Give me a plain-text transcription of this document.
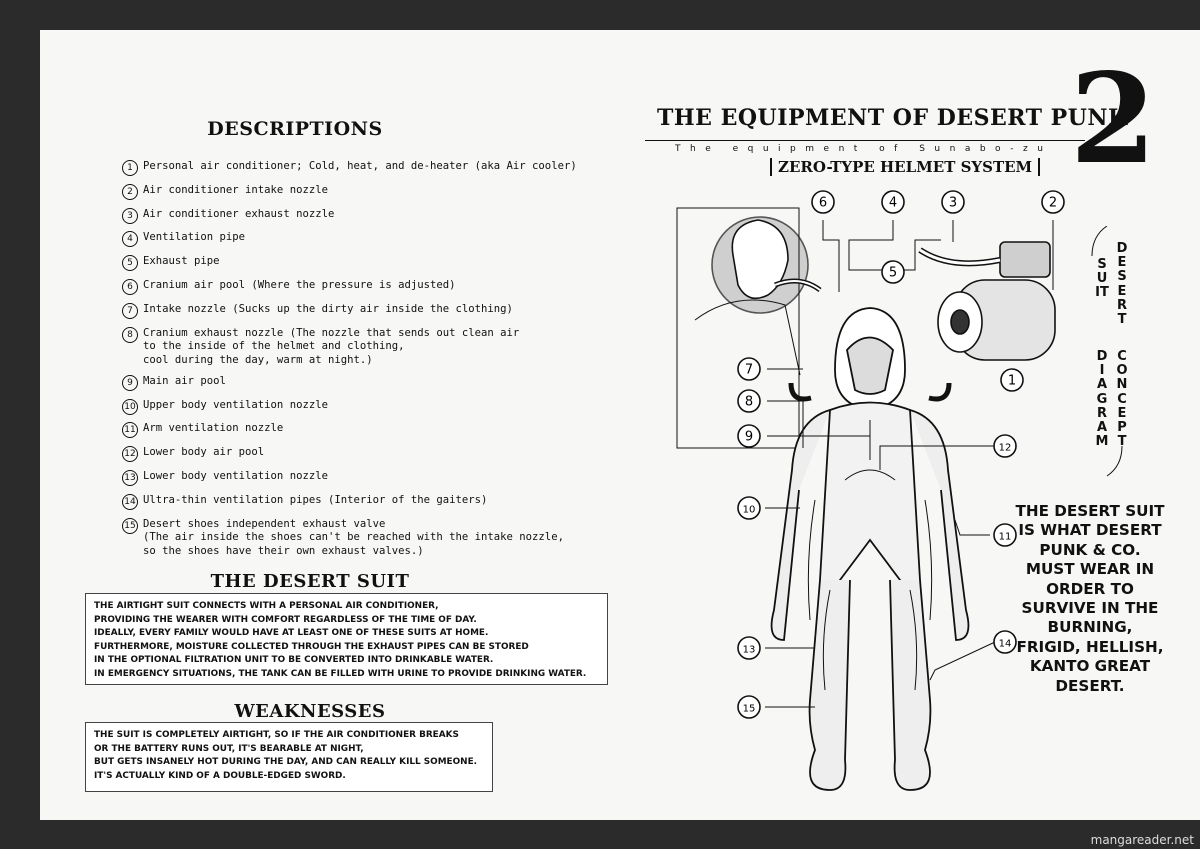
DESCRIPTIONS
1 Personal air conditioner; Cold, heat, and de-heater (aka Air cooler)
2 Air conditioner intake nozzle
3 Air conditioner exhaust nozzle
4 Ventilation pipe
5 Exhaust pipe
6 Cranium air pool (Where the pressure is adjusted)
7 Intake nozzle (Sucks up the dirty air inside the clothing)
8 Cranium exhaust nozzle (The nozzle that sends out clean air
to the inside of the helmet and clothing,
cool during the day, warm at night.)
9 Main air pool
10 Upper body ventilation nozzle
11 Arm ventilation nozzle
12 Lower body air pool
13 Lower body ventilation nozzle
14 Ultra-thin ventilation pipes (Interior of the gaiters)
15 Desert shoes independent exhaust valve
(The air inside the shoes can't be reached with the intake nozzle,
so the shoes have their own exhaust valves.)
THE DESERT SUIT
THE AIRTIGHT SUIT CONNECTS WITH A PERSONAL AIR CONDITIONER,
PROVIDING THE WEARER WITH COMFORT REGARDLESS OF THE TIME OF DAY.
IDEALLY, EVERY FAMILY WOULD HAVE AT LEAST ONE OF THESE SUITS AT HOME.
FURTHERMORE, MOISTURE COLLECTED THROUGH THE EXHAUST PIPES CAN BE STORED
IN THE OPTIONAL FILTRATION UNIT TO BE CONVERTED INTO DRINKABLE WATER.
IN EMERGENCY SITUATIONS, THE TANK CAN BE FILLED WITH URINE TO PROVIDE DRINKING WATER.
WEAKNESSES
THE SUIT IS COMPLETELY AIRTIGHT, SO IF THE AIR CONDITIONER BREAKS
OR THE BATTERY RUNS OUT, IT'S BEARABLE AT NIGHT,
BUT GETS INSANELY HOT DURING THE DAY, AND CAN REALLY KILL SOMEONE.
IT'S ACTUALLY KIND OF A DOUBLE-EDGED SWORD.
THE EQUIPMENT OF DESERT PUNK
The equipment of Sunabo-zu
ZERO-TYPE HELMET SYSTEM 2
1
2
3
4
5
6
7
8
9
10
11
12
13
14
15
SUIT
DIAGRAM
DESERT
CONCEPT
THE DESERT SUIT IS WHAT DESERT PUNK & CO. MUST WEAR IN ORDER TO SURVIVE IN THE BURNING, FRIGID, HELLISH, KANTO GREAT DESERT.
mangareader.net
